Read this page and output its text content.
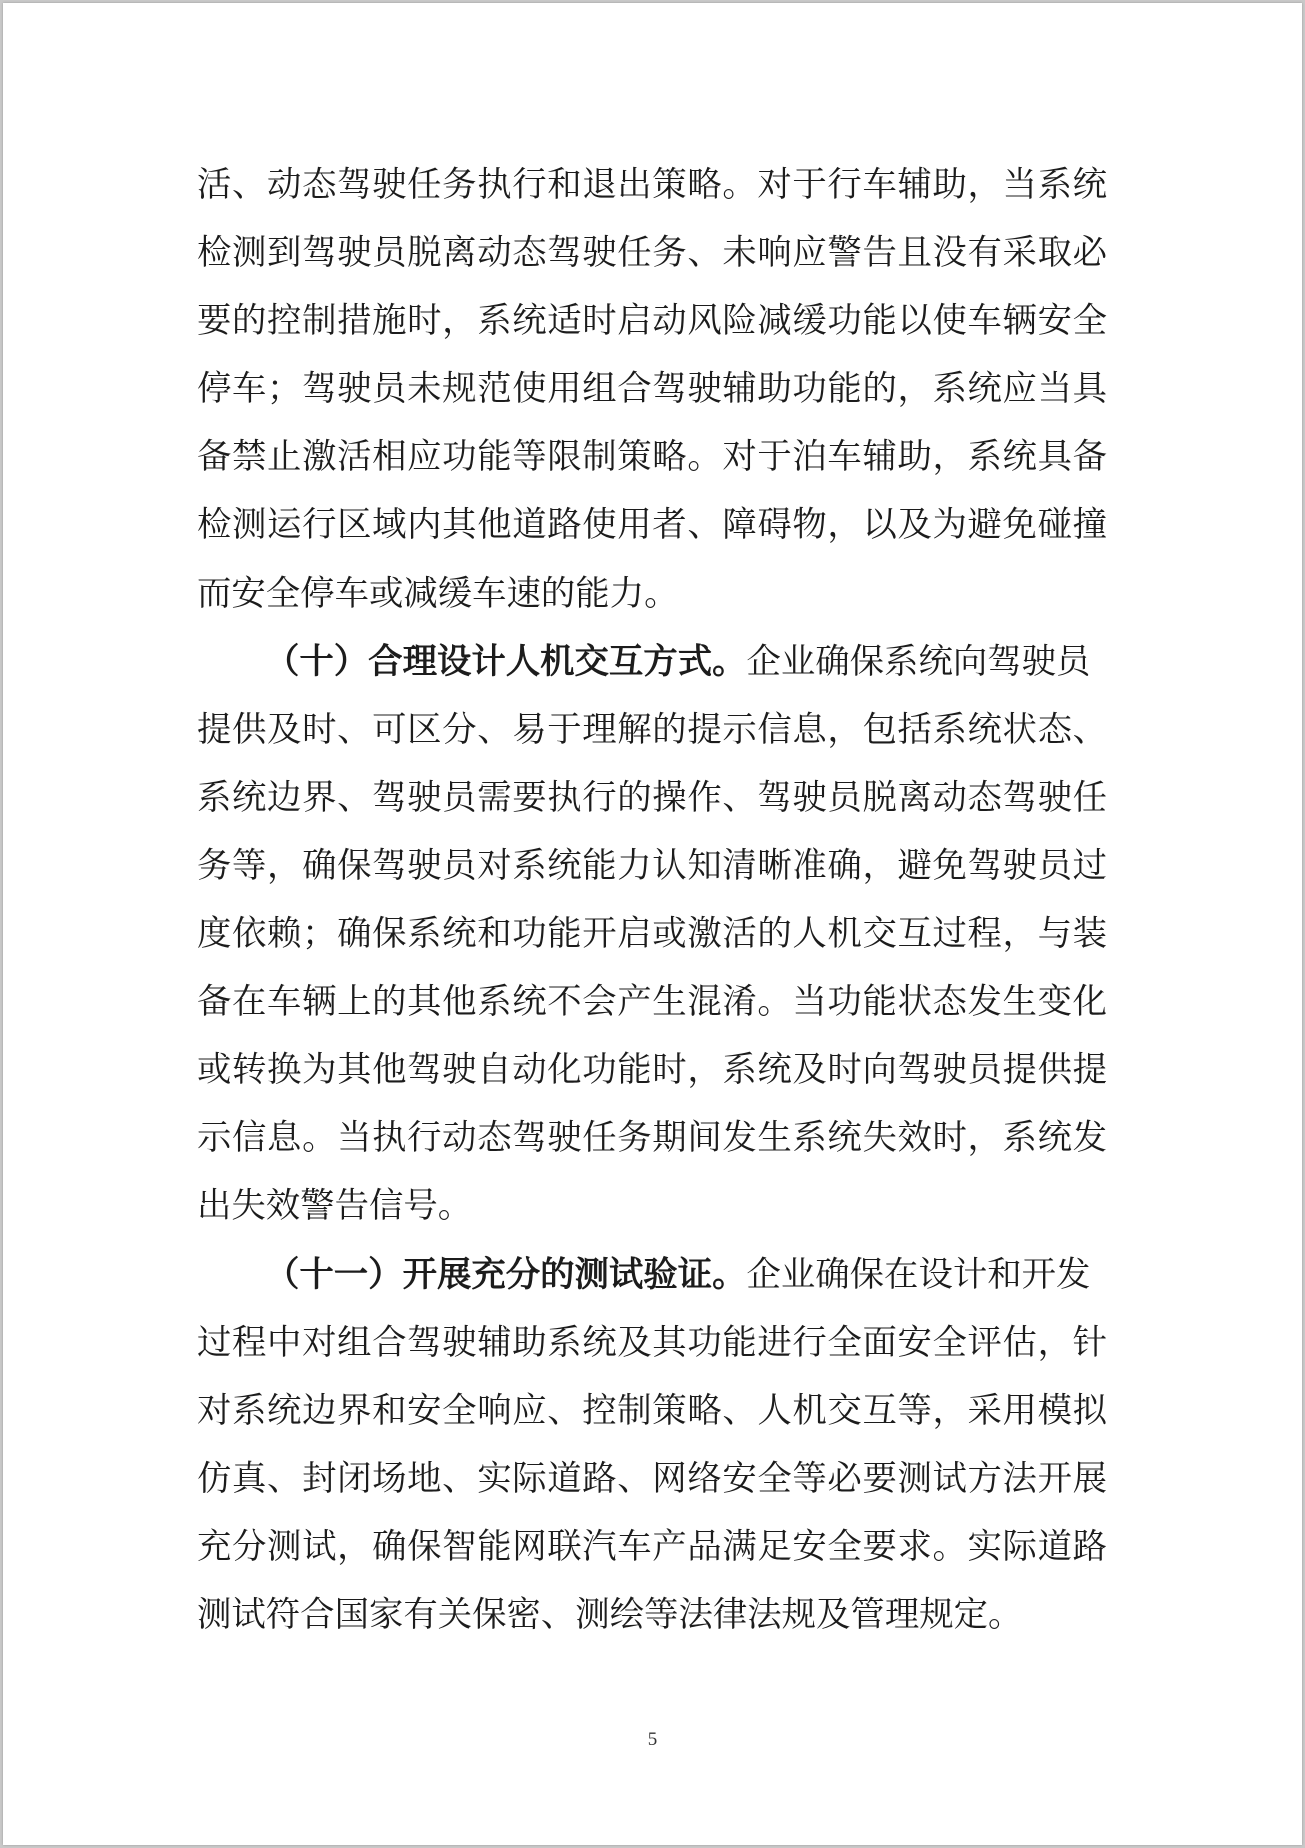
活、动态驾驶任务执行和退出策略。对于行车辅助，当系统
检测到驾驶员脱离动态驾驶任务、未响应警告且没有采取必
要的控制措施时，系统适时启动风险减缓功能以使车辆安全
停车；驾驶员未规范使用组合驾驶辅助功能的，系统应当具
备禁止激活相应功能等限制策略。对于泊车辅助，系统具备
检测运行区域内其他道路使用者、障碍物，以及为避免碰撞
而安全停车或减缓车速的能力。
（十）合理设计人机交互方式。企业确保系统向驾驶员
提供及时、可区分、易于理解的提示信息，包括系统状态、
系统边界、驾驶员需要执行的操作、驾驶员脱离动态驾驶任
务等，确保驾驶员对系统能力认知清晰准确，避免驾驶员过
度依赖；确保系统和功能开启或激活的人机交互过程，与装
备在车辆上的其他系统不会产生混淆。当功能状态发生变化
或转换为其他驾驶自动化功能时，系统及时向驾驶员提供提
示信息。当执行动态驾驶任务期间发生系统失效时，系统发
出失效警告信号。
（十一）开展充分的测试验证。企业确保在设计和开发
过程中对组合驾驶辅助系统及其功能进行全面安全评估，针
对系统边界和安全响应、控制策略、人机交互等，采用模拟
仿真、封闭场地、实际道路、网络安全等必要测试方法开展
充分测试，确保智能网联汽车产品满足安全要求。实际道路
测试符合国家有关保密、测绘等法律法规及管理规定。
5
